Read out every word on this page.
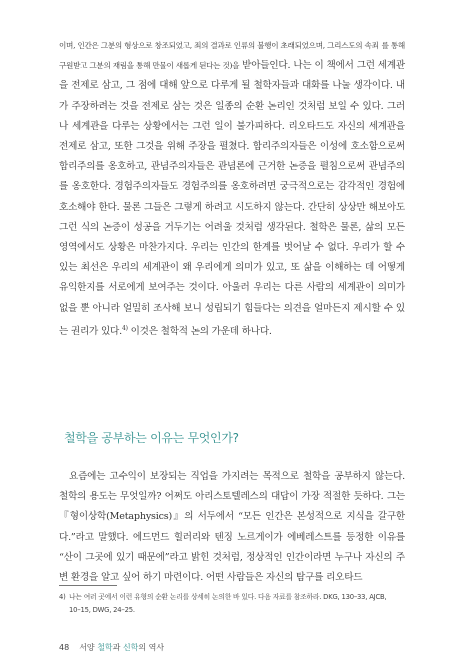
이며, 인간은 그분의 형상으로 창조되었고, 죄의 결과로 인류의 불행이 초래되었으며, 그리스도의 속죄 를 통해 구원받고 그분의 재림을 통해 만물이 새롭게 된다는 것)을 받아들인다. 나는 이 책에서 그런 세계관을 전제로 삼고, 그 점에 대해 앞으로 다루게 될 철학자들과 대화를 나눌 생각이다. 내가 주장하려는 것을 전제로 삼는 것은 일종의 순환 논리인 것처럼 보일 수 있다. 그러나 세계관을 다루는 상황에서는 그런 일이 불가피하다. 리오타드도 자신의 세계관을 전제로 삼고, 또한 그것을 위해 주장을 펼쳤다. 합리주의자들은 이성에 호소함으로써 합리주의를 옹호하고, 관념주의자들은 관념론에 근거한 논증을 펼침으로써 관념주의를 옹호한다. 경험주의자들도 경험주의를 옹호하려면 궁극적으로는 감각적인 경험에 호소해야 한다. 물론 그들은 그렇게 하려고 시도하지 않는다. 간단히 상상만 해보아도 그런 식의 논증이 성공을 거두기는 어려울 것처럼 생각된다. 철학은 물론, 삶의 모든 영역에서도 상황은 마찬가지다. 우리는 인간의 한계를 벗어날 수 없다. 우리가 할 수 있는 최선은 우리의 세계관이 왜 우리에게 의미가 있고, 또 삶을 이해하는 데 어떻게 유익한지를 서로에게 보여주는 것이다. 아울러 우리는 다른 사람의 세계관이 의미가 없을 뿐 아니라 얼밀히 조사해 보니 성립되기 힘들다는 의견을 얼마든지 제시할 수 있는 권리가 있다.$^{4)}$ 이것은 철학적 논의 가운데 하나다.

철학을 공부하는 이유는 무엇인가?

요즘에는 고수익이 보장되는 직업을 가지려는 목적으로 철학을 공부하지 않는다. 철학의 용도는 무엇일까? 어쩌도 아리스토텔레스의 대답이 가장 적절한 듯하다. 그는 『형이상학(Metaphysics)』의 서두에서 “모든 인간은 본성적으로 지식을 갈구한다.”라고 말했다. 에드먼드 힐러리와 텐징 노르게이가 에베레스트를 등정한 이유를 “산이 그곳에 있기 때문에”라고 밝힌 것처럼, 정상적인 인간이라면 누구나 자신의 주변 환경을 알고 싶어 하기 마련이다. 어떤 사람들은 자신의 탐구를 리오타드

4) 나는 여러 곳에서 이런 유형의 순환 논리를 상세히 논의한 바 있다. 다음 자료를 참조하라. DKG, 130–33, AJCB,
10–15, DWG, 24–25.

48 서양 철학과 신학의 역사
